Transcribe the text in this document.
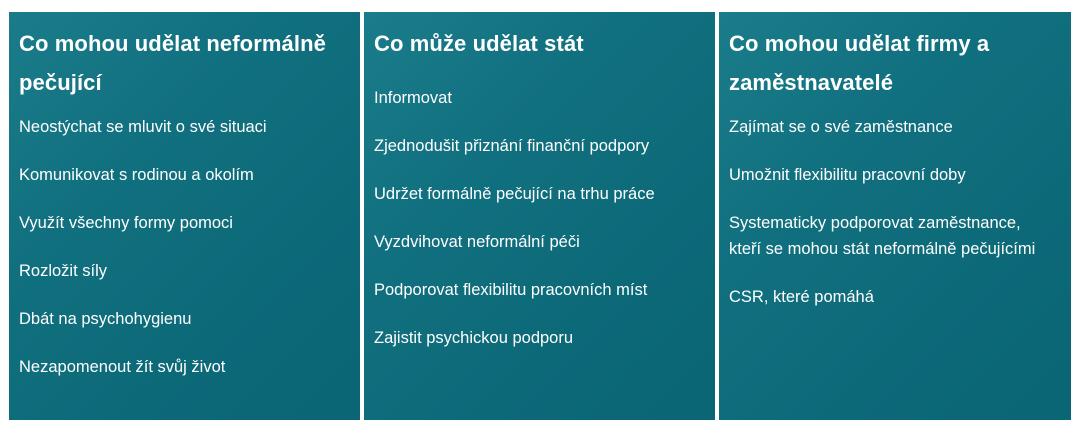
Co mohou udělat neformálně pečující
Neostýchat se mluvit o své situaci
Komunikovat s rodinou a okolím
Využít všechny formy pomoci
Rozložit síly
Dbát na psychohygienu
Nezapomenout žít svůj život
Co může udělat stát
Informovat
Zjednodušit přiznání finanční podpory
Udržet formálně pečující na trhu práce
Vyzdvihovat neformální péči
Podporovat flexibilitu pracovních míst
Zajistit psychickou podporu
Co mohou udělat firmy a zaměstnavatelé
Zajímat se o své zaměstnance
Umožnit flexibilitu pracovní doby
Systematicky podporovat zaměstnance, kteří se mohou stát neformálně pečujícími
CSR, které pomáhá
